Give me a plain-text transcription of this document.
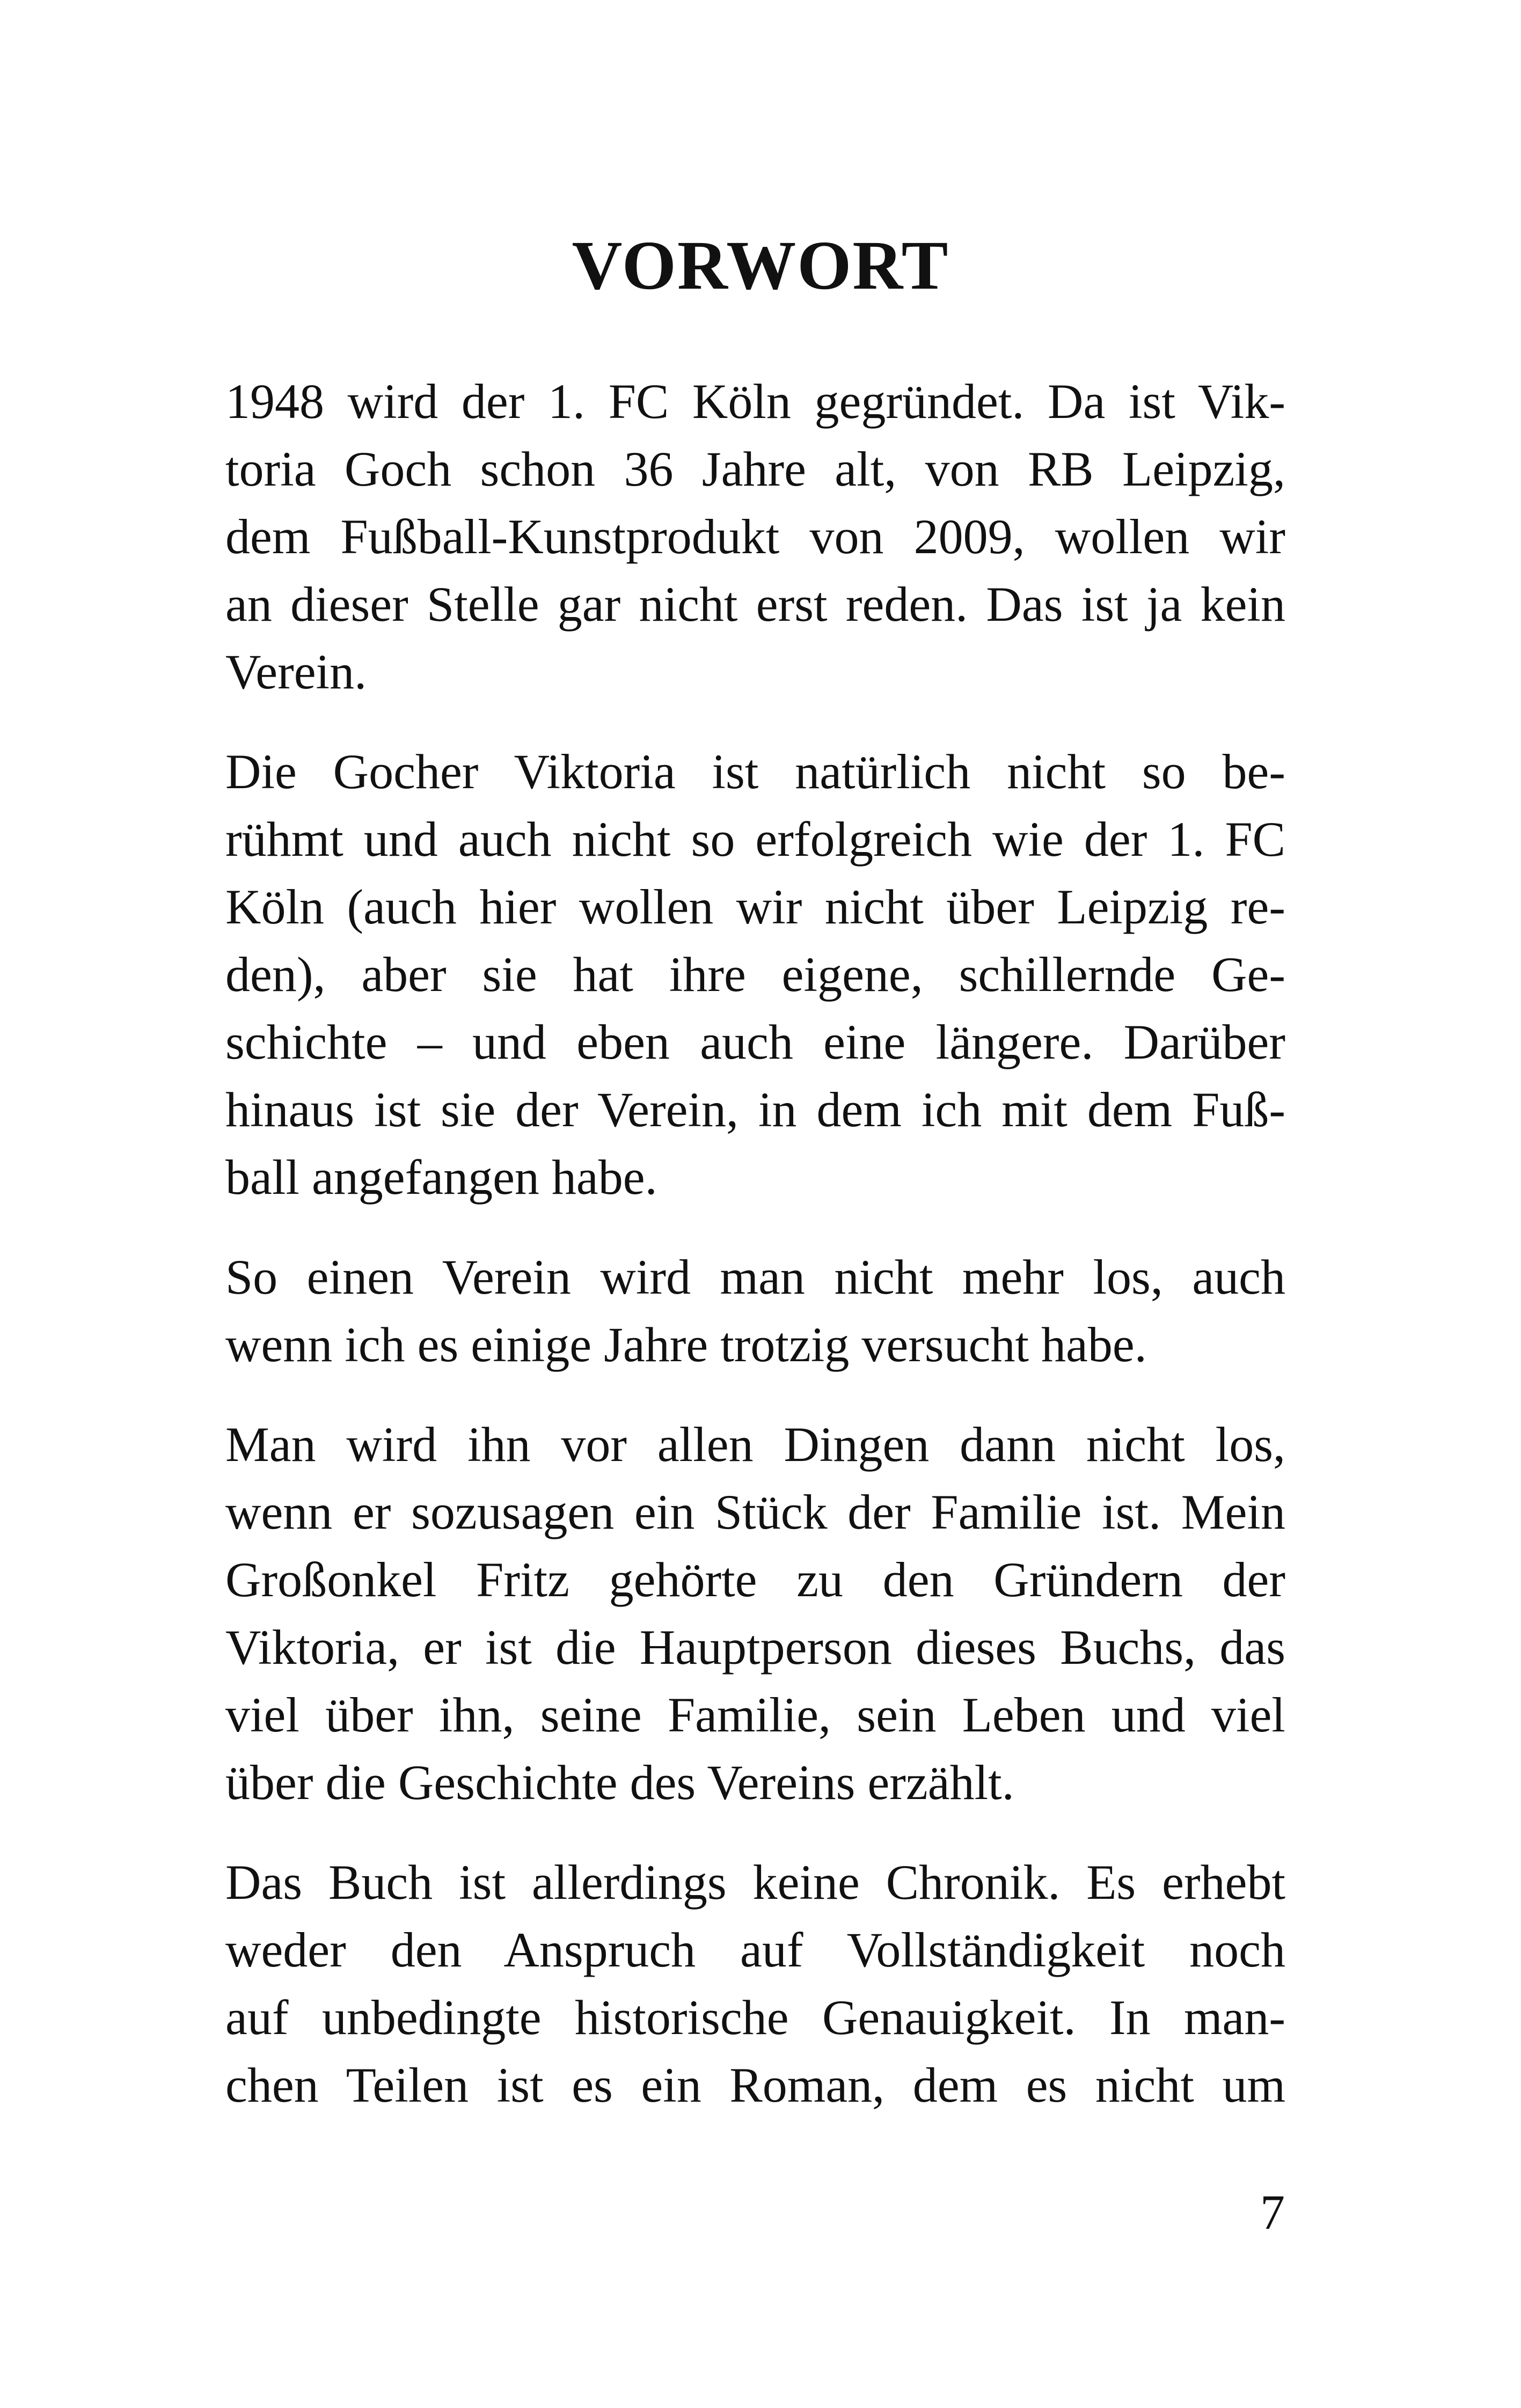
VORWORT
1948 wird der 1. FC Köln gegründet. Da ist Vik-
toria Goch schon 36 Jahre alt, von RB Leipzig,
dem Fußball-Kunstprodukt von 2009, wollen wir
an dieser Stelle gar nicht erst reden. Das ist ja kein
Verein.
Die Gocher Viktoria ist natürlich nicht so be-
rühmt und auch nicht so erfolgreich wie der 1. FC
Köln (auch hier wollen wir nicht über Leipzig re-
den), aber sie hat ihre eigene, schillernde Ge-
schichte – und eben auch eine längere. Darüber
hinaus ist sie der Verein, in dem ich mit dem Fuß-
ball angefangen habe.
So einen Verein wird man nicht mehr los, auch
wenn ich es einige Jahre trotzig versucht habe.
Man wird ihn vor allen Dingen dann nicht los,
wenn er sozusagen ein Stück der Familie ist. Mein
Großonkel Fritz gehörte zu den Gründern der
Viktoria, er ist die Hauptperson dieses Buchs, das
viel über ihn, seine Familie, sein Leben und viel
über die Geschichte des Vereins erzählt.
Das Buch ist allerdings keine Chronik. Es erhebt
weder den Anspruch auf Vollständigkeit noch
auf unbedingte historische Genauigkeit. In man-
chen Teilen ist es ein Roman, dem es nicht um
7
